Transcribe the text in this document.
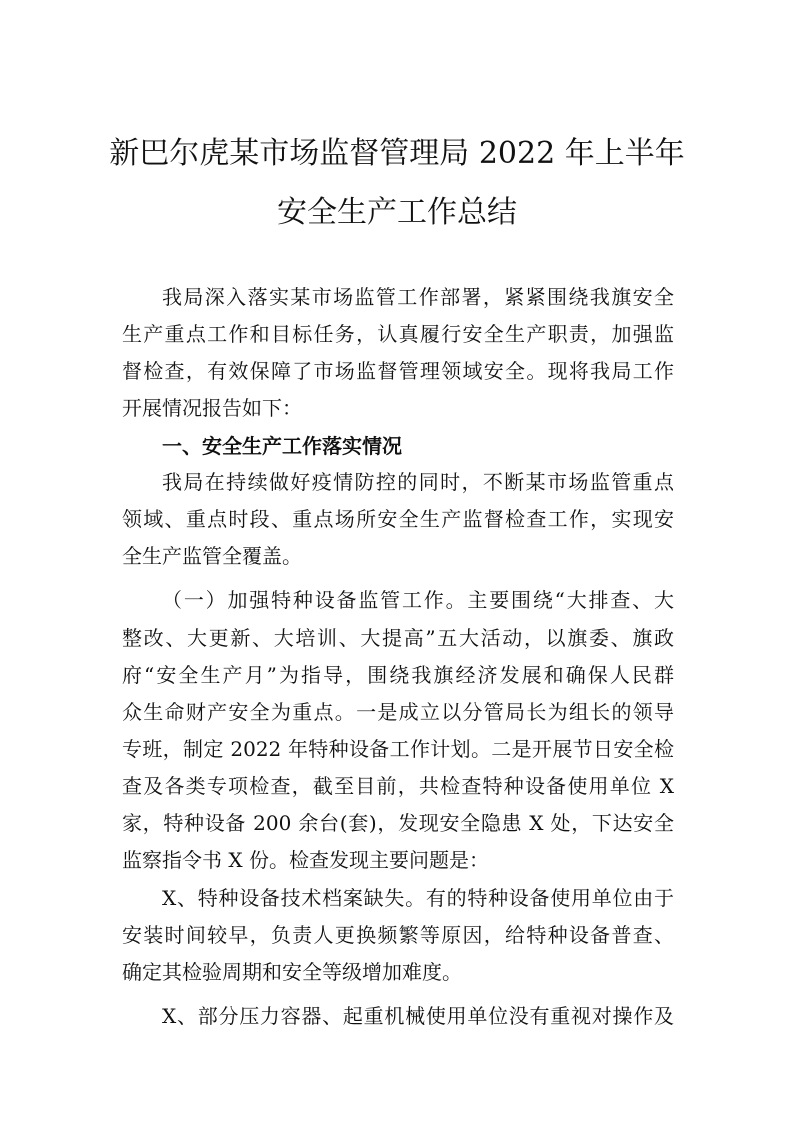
新巴尔虎某市场监督管理局 2022 年上半年
安全生产工作总结
我局深入落实某市场监管工作部署，紧紧围绕我旗安全
生产重点工作和目标任务，认真履行安全生产职责，加强监
督检查，有效保障了市场监督管理领域安全。现将我局工作
开展情况报告如下：
一、安全生产工作落实情况
我局在持续做好疫情防控的同时，不断某市场监管重点
领域、重点时段、重点场所安全生产监督检查工作，实现安
全生产监管全覆盖。
（一）加强特种设备监管工作。主要围绕“大排查、大
整改、大更新、大培训、大提高”五大活动，以旗委、旗政
府“安全生产月”为指导，围绕我旗经济发展和确保人民群
众生命财产安全为重点。一是成立以分管局长为组长的领导
专班，制定 2022 年特种设备工作计划。二是开展节日安全检
查及各类专项检查，截至目前，共检查特种设备使用单位 X
家，特种设备 200 余台(套)，发现安全隐患 X 处，下达安全
监察指令书 X 份。检查发现主要问题是：
X、特种设备技术档案缺失。有的特种设备使用单位由于
安装时间较早，负责人更换频繁等原因，给特种设备普查、
确定其检验周期和安全等级增加难度。
X、部分压力容器、起重机械使用单位没有重视对操作及
